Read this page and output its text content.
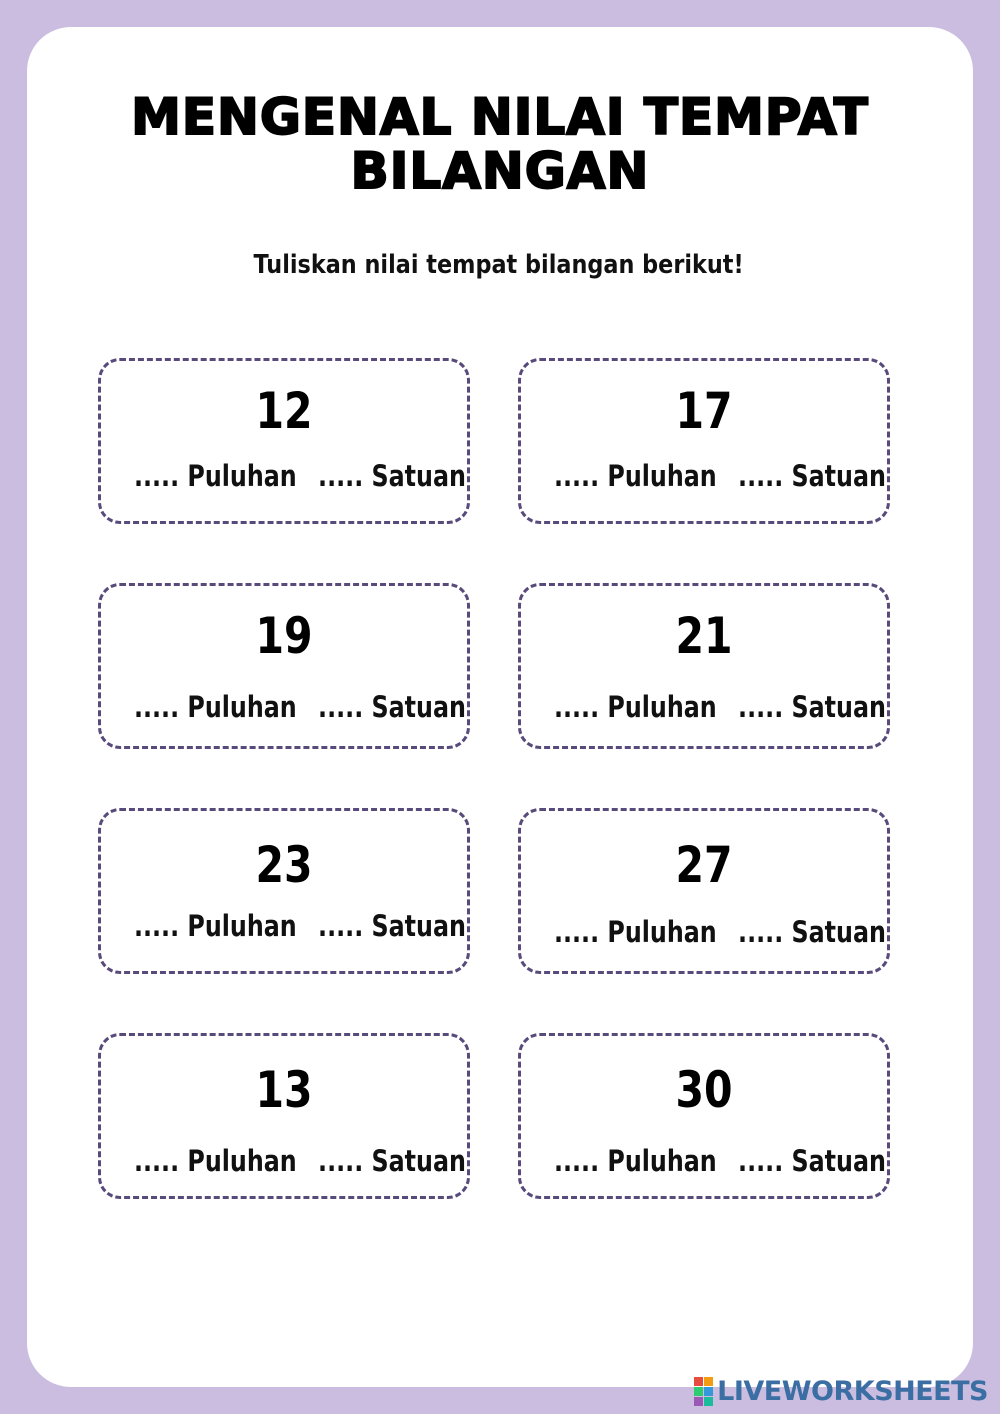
MENGENAL NILAI TEMPAT
BILANGAN
Tuliskan nilai tempat bilangan berikut!
12
..... Puluhan ..... Satuan
17
..... Puluhan ..... Satuan
19
..... Puluhan ..... Satuan
21
..... Puluhan ..... Satuan
23
..... Puluhan ..... Satuan
27
..... Puluhan ..... Satuan
13
..... Puluhan ..... Satuan
30
..... Puluhan ..... Satuan
LIVEWORKSHEETS
